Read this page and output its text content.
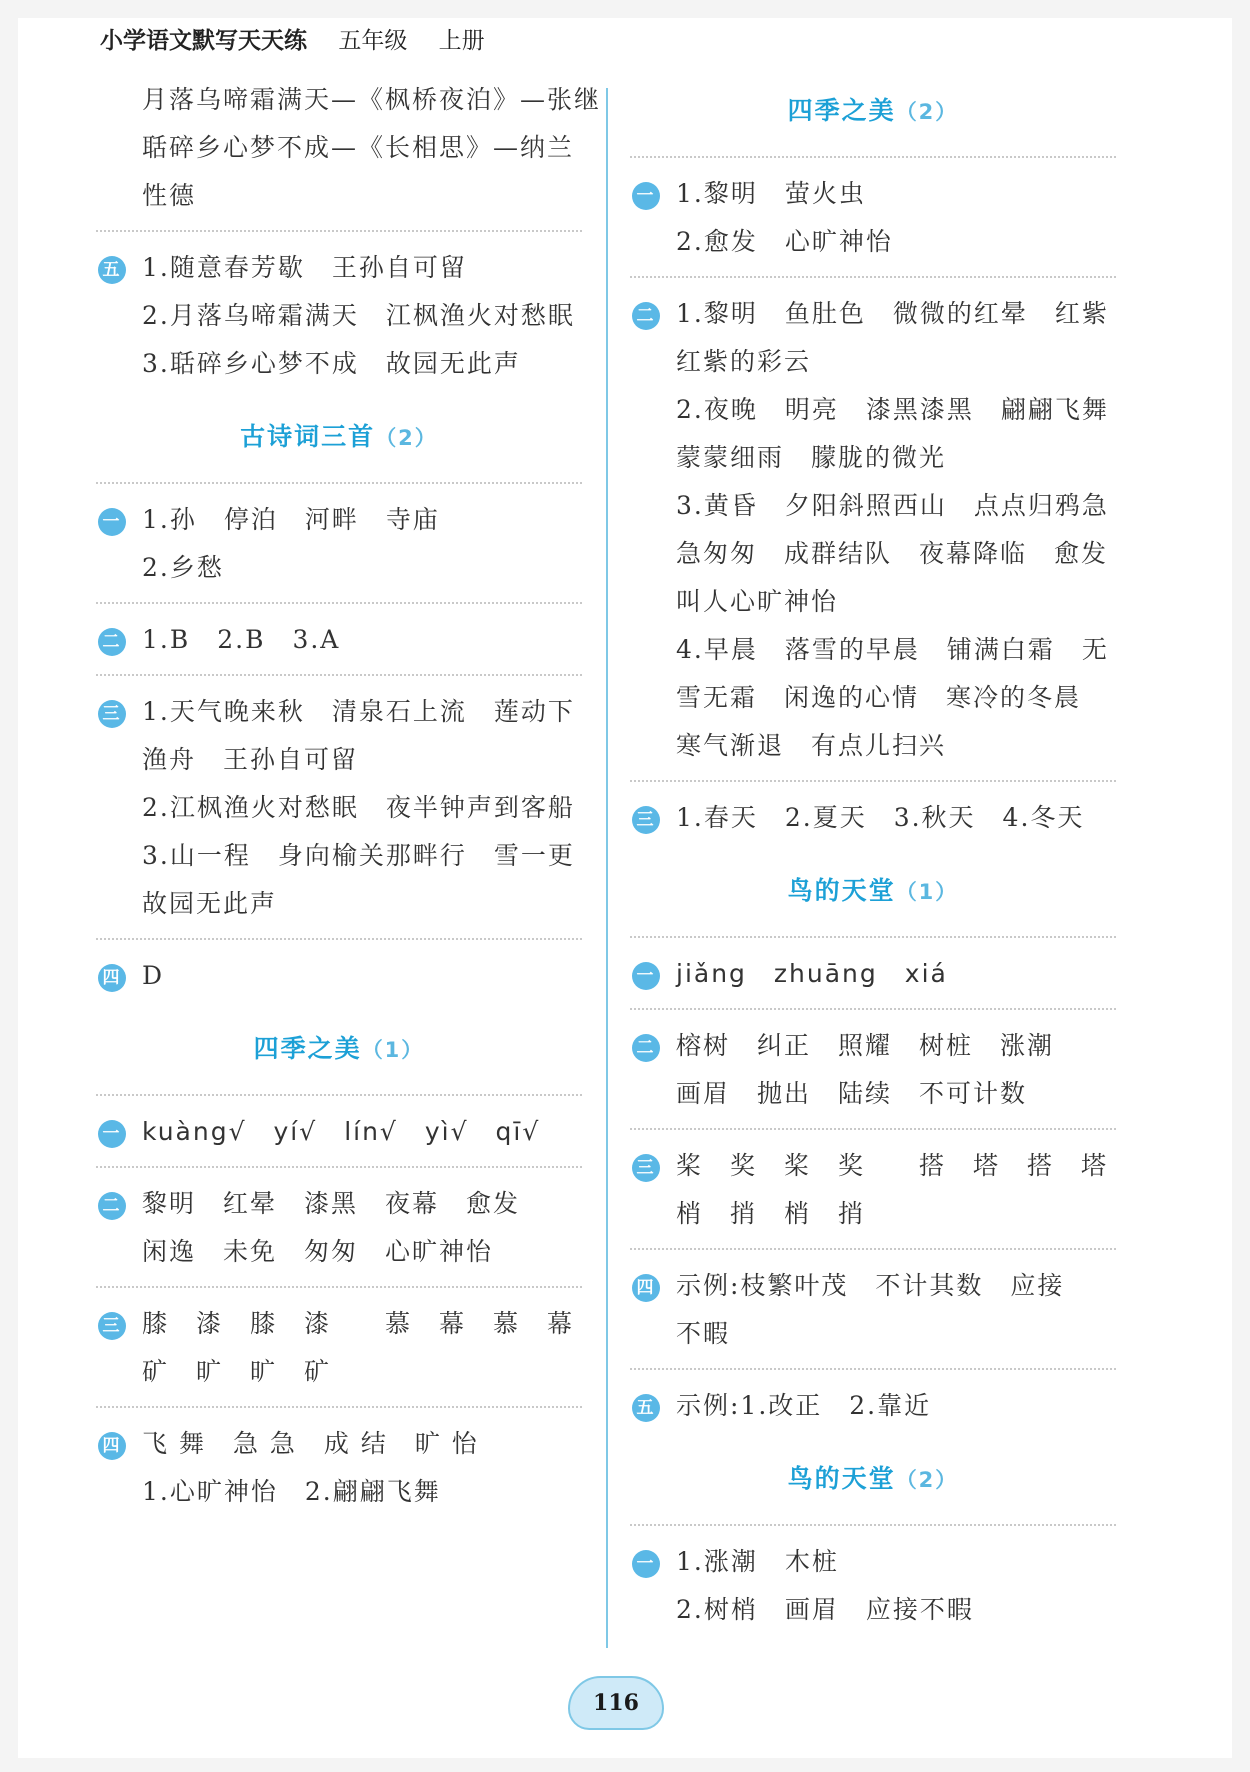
小学语文默写天天练 五年级 上册
月落乌啼霜满天—《枫桥夜泊》—张继
聒碎乡心梦不成—《长相思》—纳兰
性德
五 1.随意春芳歇　王孙自可留
2.月落乌啼霜满天　江枫渔火对愁眠
3.聒碎乡心梦不成　故园无此声
古诗词三首（2）
一 1.孙　停泊　河畔　寺庙
2.乡愁
二 1.B　2.B　3.A
三 1.天气晚来秋　清泉石上流　莲动下
渔舟　王孙自可留
2.江枫渔火对愁眠　夜半钟声到客船
3.山一程　身向榆关那畔行　雪一更
故园无此声
四 D
四季之美（1）
一 kuàng√　yí√　lín√　yì√　qī√
二 黎明　红晕　漆黑　夜幕　愈发
闲逸　未免　匆匆　心旷神怡
三 膝　漆　膝　漆　　慕　幕　慕　幕
矿　旷　旷　矿
四 飞 舞　急 急　成 结　旷 怡
1.心旷神怡　2.翩翩飞舞
四季之美（2）
一 1.黎明　萤火虫
2.愈发　心旷神怡
二 1.黎明　鱼肚色　微微的红晕　红紫
红紫的彩云
2.夜晚　明亮　漆黑漆黑　翩翩飞舞
蒙蒙细雨　朦胧的微光
3.黄昏　夕阳斜照西山　点点归鸦急
急匆匆　成群结队　夜幕降临　愈发
叫人心旷神怡
4.早晨　落雪的早晨　铺满白霜　无
雪无霜　闲逸的心情　寒冷的冬晨
寒气渐退　有点儿扫兴
三 1.春天　2.夏天　3.秋天　4.冬天
鸟的天堂（1）
一 jiǎng　zhuāng　xiá
二 榕树　纠正　照耀　树桩　涨潮
画眉　抛出　陆续　不可计数
三 桨　奖　桨　奖　　搭　塔　搭　塔
梢　捎　梢　捎
四 示例:枝繁叶茂　不计其数　应接
不暇
五 示例:1.改正　2.靠近
鸟的天堂（2）
一 1.涨潮　木桩
2.树梢　画眉　应接不暇
116
